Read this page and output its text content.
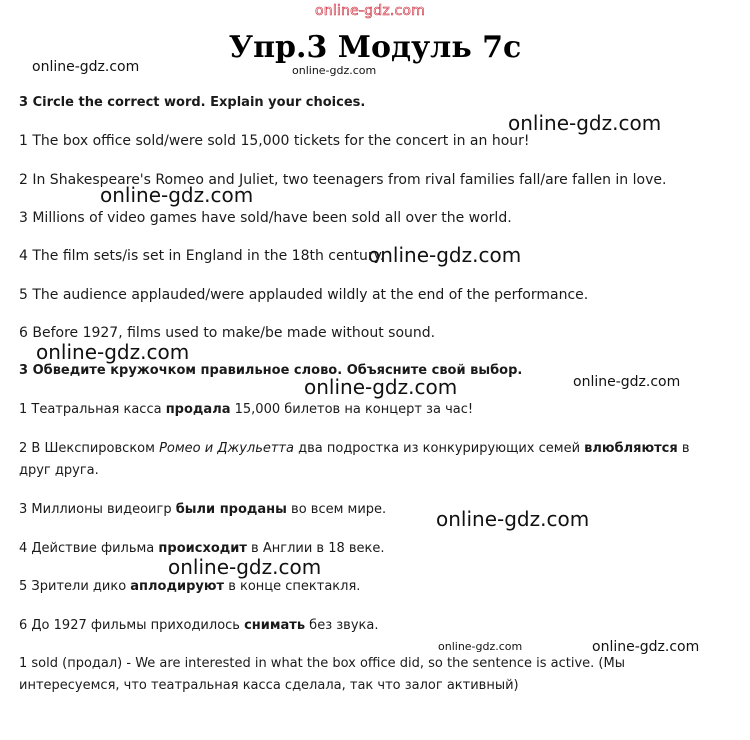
online-gdz.com
online-gdz.com	online-gdz.com
online-gdz.com
online-gdz.com
online-gdz.com
online-gdz.com
online-gdz.com	online-gdz.com
online-gdz.com
online-gdz.com
online-gdz.com	online-gdz.com
Упр.3 Модуль 7с

3 Circle the correct word. Explain your choices.

1 The box office sold/were sold 15,000 tickets for the concert in an hour!

2 In Shakespeare's Romeo and Juliet, two teenagers from rival families fall/are fallen in love.

3 Millions of video games have sold/have been sold all over the world.

4 The film sets/is set in England in the 18th century.

5 The audience applauded/were applauded wildly at the end of the performance.

6 Before 1927, films used to make/be made without sound.

3 Обведите кружочком правильное слово. Объясните свой выбор.

1 Театральная касса продала 15,000 билетов на концерт за час!

2 В Шекспировском Ромео и Джульетта два подростка из конкурирующих семей влюбляются в друг друга.

3 Миллионы видеоигр были проданы во всем мире.

4 Действие фильма происходит в Англии в 18 веке.

5 Зрители дико аплодируют в конце спектакля.

6 До 1927 фильмы приходилось снимать без звука.

1 sold (продал) - We are interested in what the box office did, so the sentence is active. (Мы интересуемся, что театральная касса сделала, так что залог активный)
